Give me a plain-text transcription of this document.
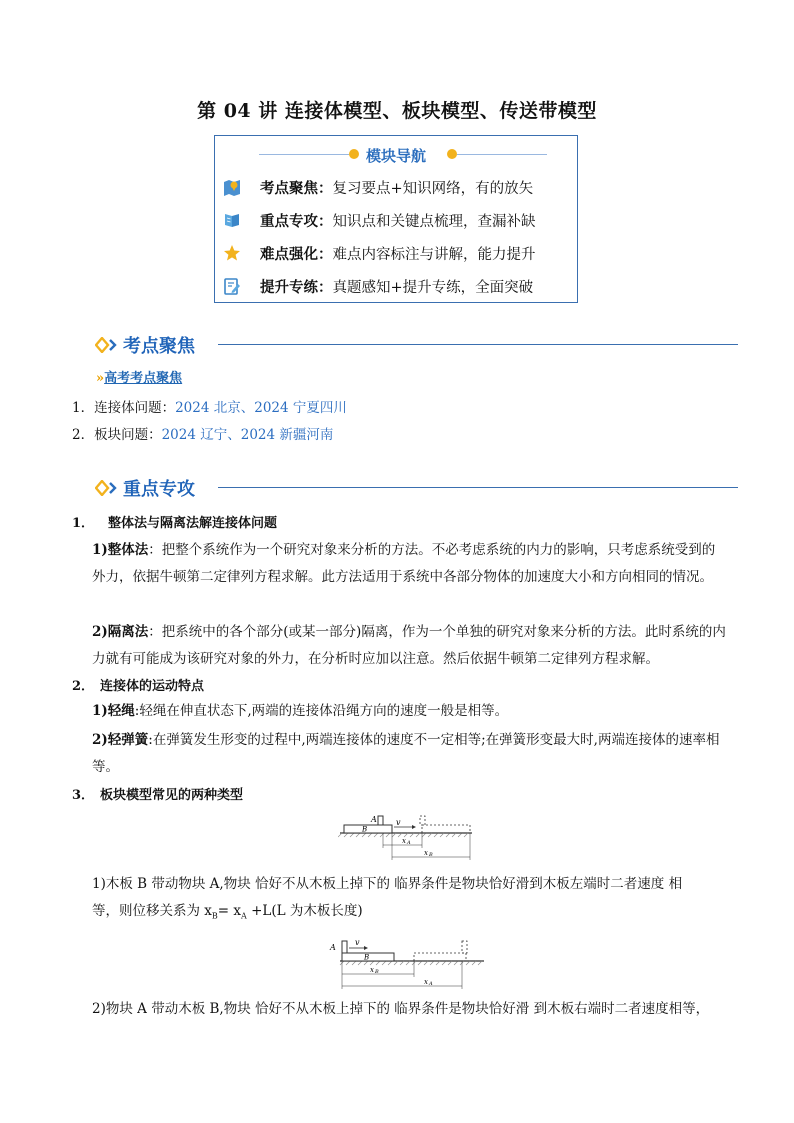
第 04 讲 连接体模型、板块模型、传送带模型
模块导航
考点聚焦： 复习要点+知识网络，有的放矢
重点专攻： 知识点和关键点梳理，查漏补缺
难点强化： 难点内容标注与讲解，能力提升
提升专练： 真题感知+提升专练，全面突破
考点聚焦
»高考考点聚焦
1．连接体问题：2024 北京、2024 宁夏四川
2．板块问题：2024 辽宁、2024 新疆河南
重点专攻
1． 整体法与隔离法解连接体问题
1)整体法：把整个系统作为一个研究对象来分析的方法。不必考虑系统的内力的影响，只考虑系统受到的外力，依据牛顿第二定律列方程求解。此方法适用于系统中各部分物体的加速度大小和方向相同的情况。
2)隔离法：把系统中的各个部分(或某一部分)隔离，作为一个单独的研究对象来分析的方法。此时系统的内力就有可能成为该研究对象的外力，在分析时应加以注意。然后依据牛顿第二定律列方程求解。
2． 连接体的运动特点
1)轻绳:轻绳在伸直状态下,两端的连接体沿绳方向的速度一般是相等。
2)轻弹簧:在弹簧发生形变的过程中,两端连接体的速度不一定相等;在弹簧形变最大时,两端连接体的速率相等。
3． 板块模型常见的两种类型
v
A
B
x A
x B
1)木板 B 带动物块 A,物块 恰好不从木板上掉下的 临界条件是物块恰好滑到木板左端时二者速度 相
等，则位移关系为 $x_B= x_A +L(L$ 为木板长度)
v
A
B
x B
x A
2)物块 A 带动木板 B,物块 恰好不从木板上掉下的 临界条件是物块恰好滑 到木板右端时二者速度相等，
